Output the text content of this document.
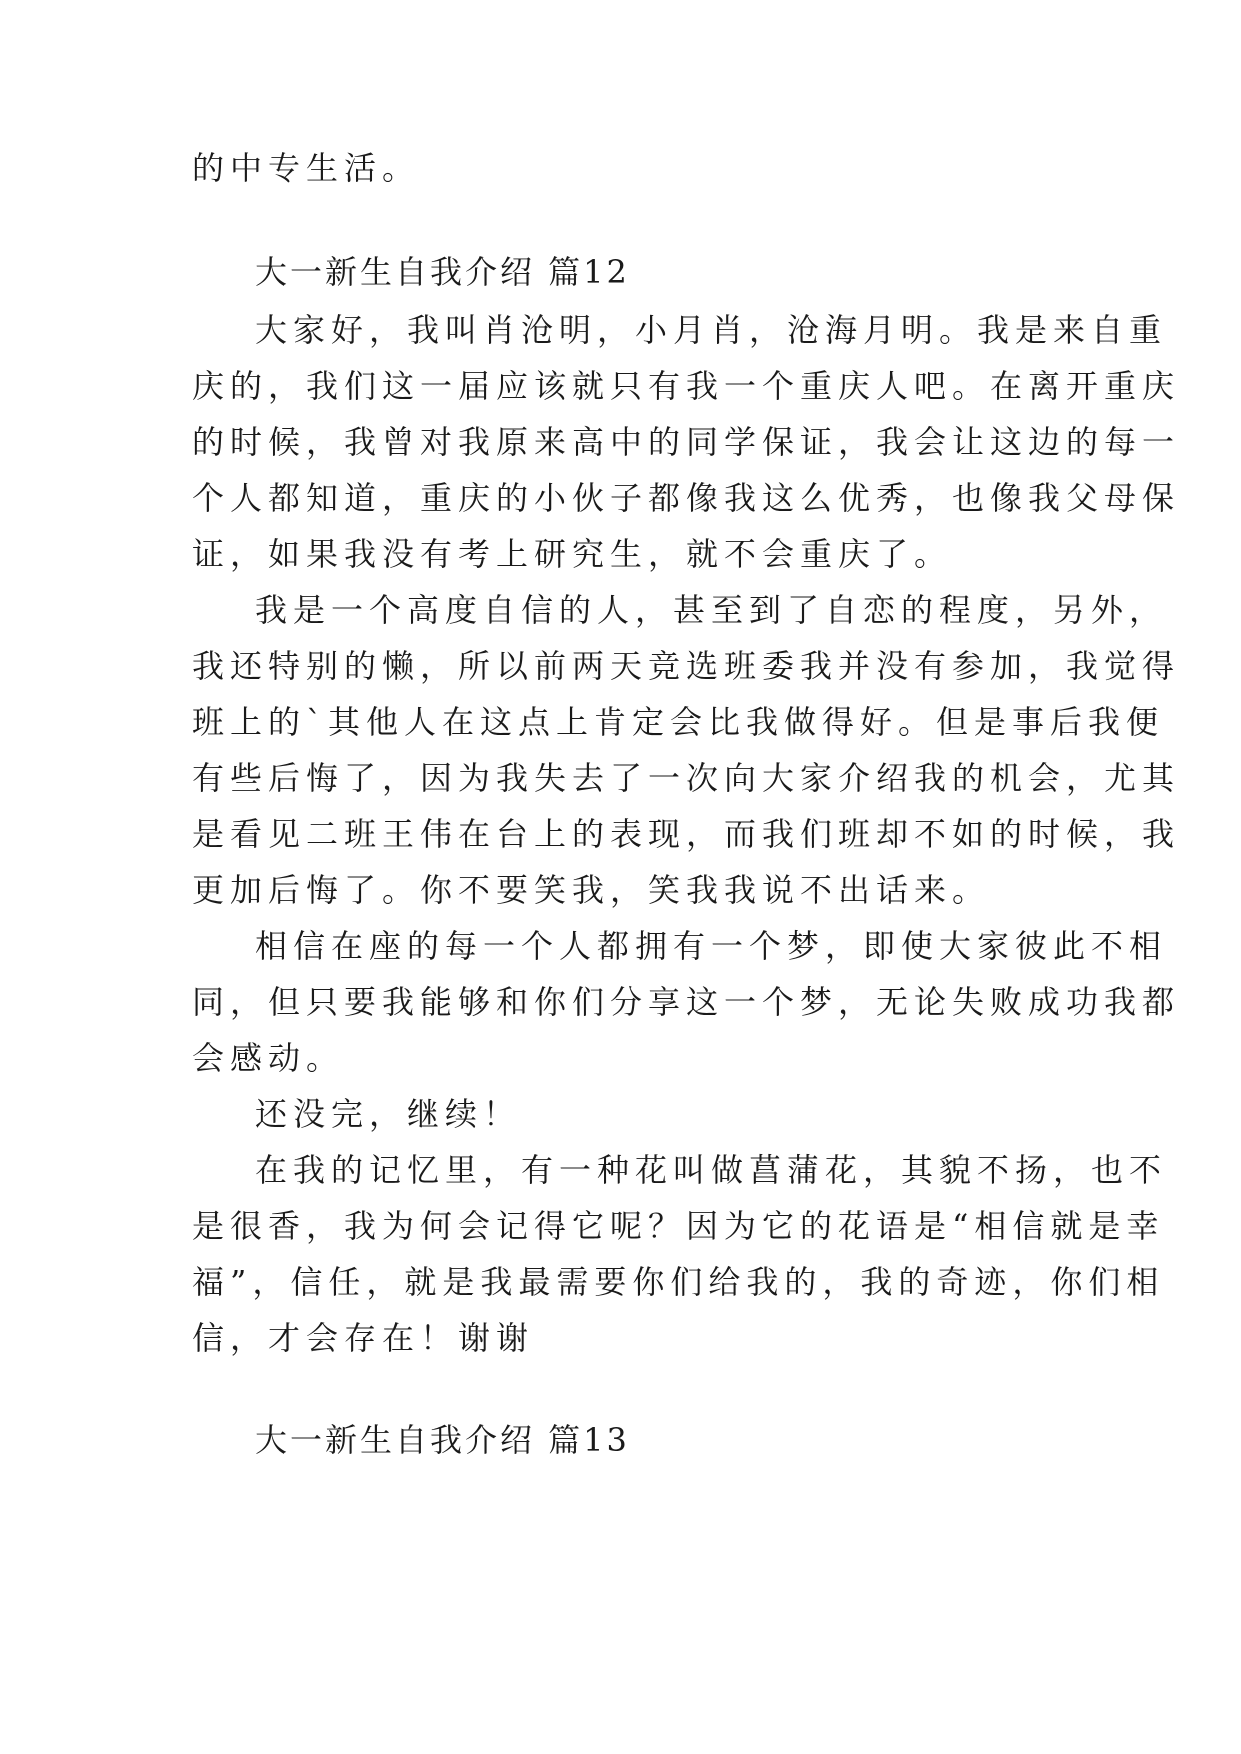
的中专生活。
大一新生自我介绍 篇12
大家好，我叫肖沧明，小月肖，沧海月明。我是来自重
庆的，我们这一届应该就只有我一个重庆人吧。在离开重庆
的时候，我曾对我原来高中的同学保证，我会让这边的每一
个人都知道，重庆的小伙子都像我这么优秀，也像我父母保
证，如果我没有考上研究生，就不会重庆了。
我是一个高度自信的人，甚至到了自恋的程度，另外，
我还特别的懒，所以前两天竞选班委我并没有参加，我觉得
班上的`其他人在这点上肯定会比我做得好。但是事后我便
有些后悔了，因为我失去了一次向大家介绍我的机会，尤其
是看见二班王伟在台上的表现，而我们班却不如的时候，我
更加后悔了。你不要笑我，笑我我说不出话来。
相信在座的每一个人都拥有一个梦，即使大家彼此不相
同，但只要我能够和你们分享这一个梦，无论失败成功我都
会感动。
还没完，继续！
在我的记忆里，有一种花叫做菖蒲花，其貌不扬，也不
是很香，我为何会记得它呢？因为它的花语是“相信就是幸
福”，信任，就是我最需要你们给我的，我的奇迹，你们相
信，才会存在！谢谢
大一新生自我介绍 篇13
